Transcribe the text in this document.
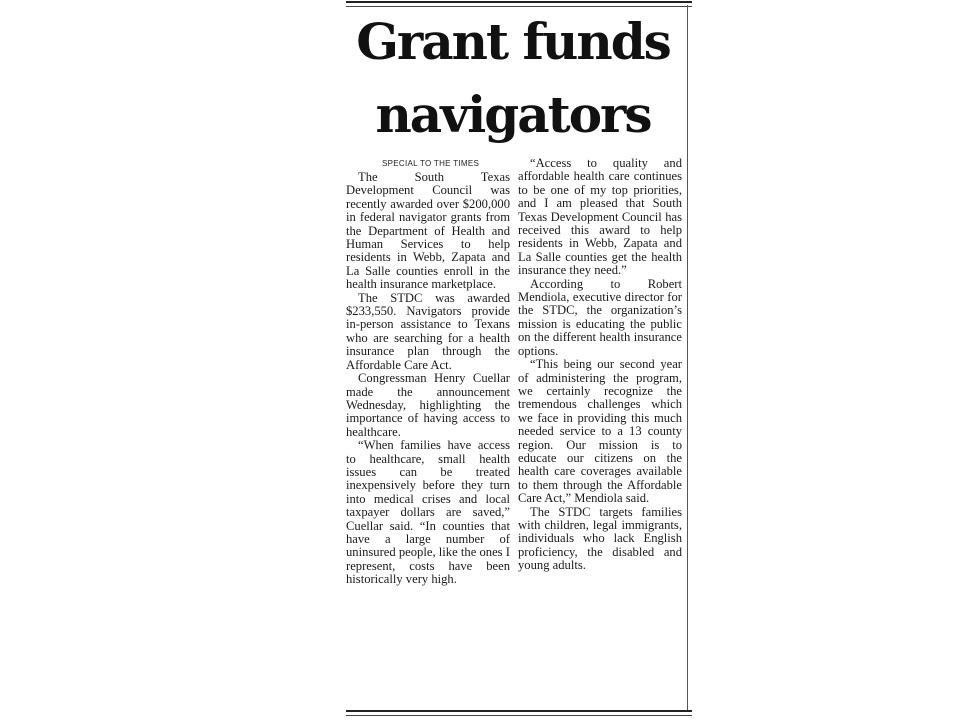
Grant funds
navigators

SPECIAL TO THE TIMES

The South Texas Development Council was recently awarded over $200,000 in federal navigator grants from the Department of Health and Human Services to help residents in Webb, Zapata and La Salle counties enroll in the health insurance marketplace.

The STDC was awarded $233,550. Navigators provide in-person assistance to Texans who are searching for a health insurance plan through the Affordable Care Act.

Congressman Henry Cuellar made the announcement Wednesday, highlighting the importance of having access to healthcare.

“When families have access to healthcare, small health issues can be treated inexpensively before they turn into medical crises and local taxpayer dollars are saved,” Cuellar said. “In counties that have a large number of uninsured people, like the ones I represent, costs have been historically very high.

“Access to quality and affordable health care continues to be one of my top priorities, and I am pleased that South Texas Development Council has received this award to help residents in Webb, Zapata and La Salle counties get the health insurance they need.”

According to Robert Mendiola, executive director for the STDC, the organization’s mission is educating the public on the different health insurance options.

“This being our second year of administering the program, we certainly recognize the tremendous challenges which we face in providing this much needed service to a 13 county region. Our mission is to educate our citizens on the health care coverages available to them through the Affordable Care Act,” Mendiola said.

The STDC targets families with children, legal immigrants, individuals who lack English proficiency, the disabled and young adults.
